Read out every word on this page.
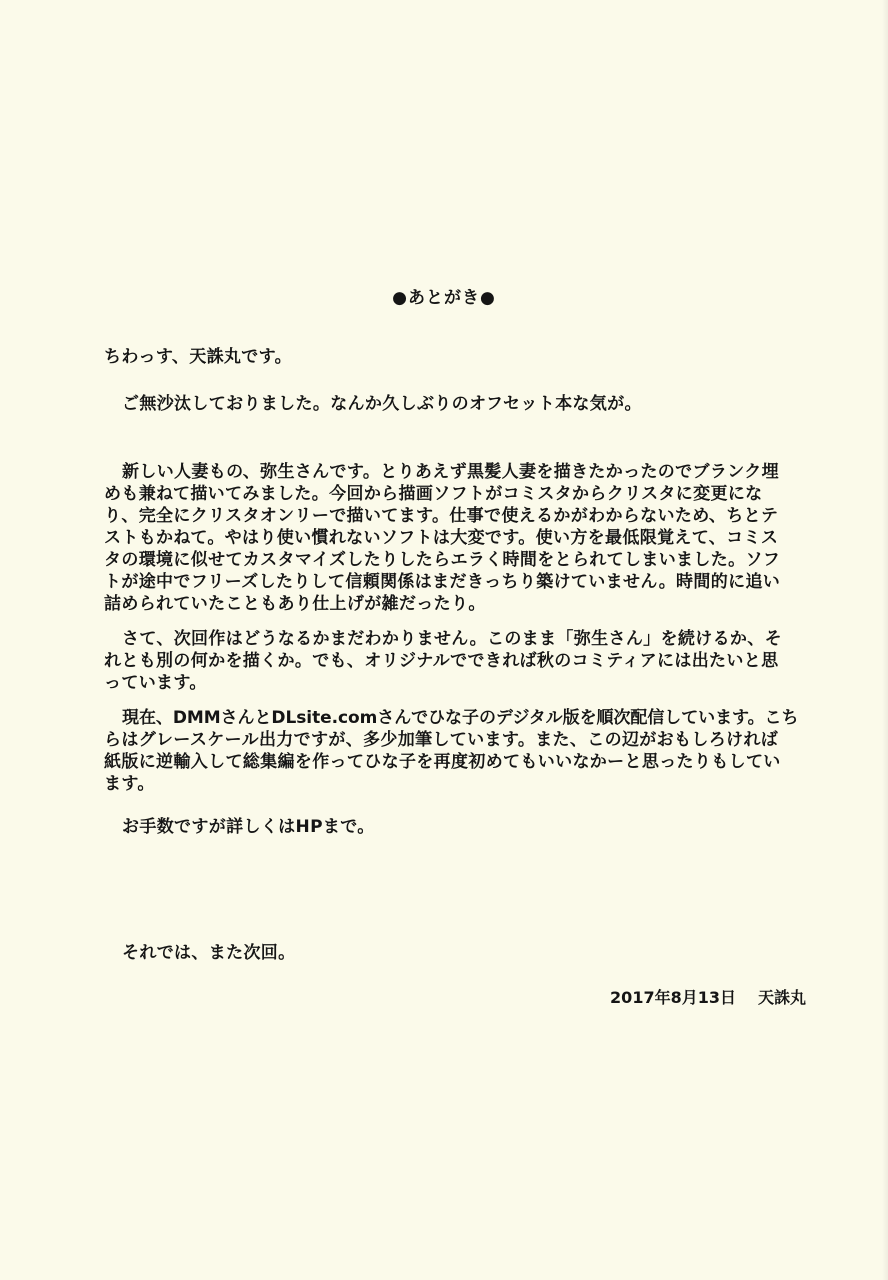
●あとがき●
ちわっす、天誅丸です。
ご無沙汰しておりました。なんか久しぶりのオフセット本な気が。
新しい人妻もの、弥生さんです。とりあえず黒髪人妻を描きたかったのでブランク埋
めも兼ねて描いてみました。今回から描画ソフトがコミスタからクリスタに変更にな
り、完全にクリスタオンリーで描いてます。仕事で使えるかがわからないため、ちとテ
ストもかねて。やはり使い慣れないソフトは大変です。使い方を最低限覚えて、コミス
タの環境に似せてカスタマイズしたりしたらエラく時間をとられてしまいました。ソフ
トが途中でフリーズしたりして信頼関係はまだきっちり築けていません。時間的に追い
詰められていたこともあり仕上げが雑だったり。
さて、次回作はどうなるかまだわかりません。このまま「弥生さん」を続けるか、そ
れとも別の何かを描くか。でも、オリジナルでできれば秋のコミティアには出たいと思
っています。
現在、DMMさんとDLsite.comさんでひな子のデジタル版を順次配信しています。こち
らはグレースケール出力ですが、多少加筆しています。また、この辺がおもしろければ
紙版に逆輸入して総集編を作ってひな子を再度初めてもいいなかーと思ったりもしてい
ます。
お手数ですが詳しくはHPまで。
それでは、また次回。
2017年8月13日 天誅丸
